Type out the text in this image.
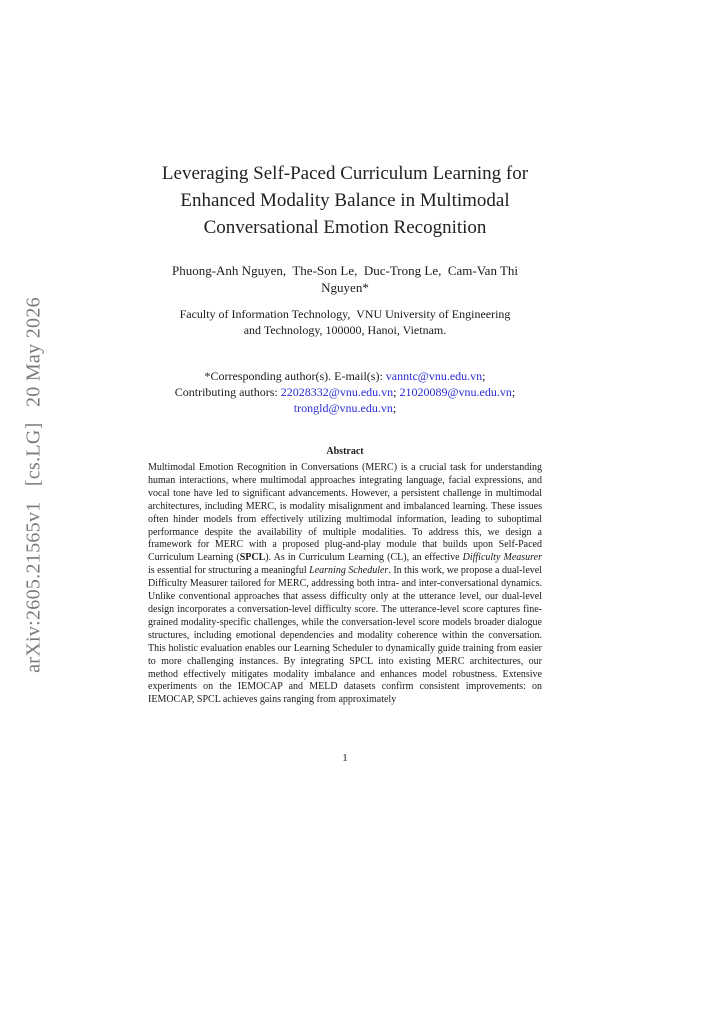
arXiv:2605.21565v1 [cs.LG] 20 May 2026
Leveraging Self-Paced Curriculum Learning for
Enhanced Modality Balance in Multimodal
Conversational Emotion Recognition
Phuong-Anh Nguyen,  The-Son Le,  Duc-Trong Le,  Cam-Van Thi
Nguyen*
Faculty of Information Technology,  VNU University of Engineering
and Technology, 100000, Hanoi, Vietnam.
*Corresponding author(s). E-mail(s): vanntc@vnu.edu.vn;
Contributing authors: 22028332@vnu.edu.vn; 21020089@vnu.edu.vn;
trongld@vnu.edu.vn;
Abstract
Multimodal Emotion Recognition in Conversations (MERC) is a crucial task for understanding human interactions, where multimodal approaches integrating language, facial expressions, and vocal tone have led to significant advancements. However, a persistent challenge in multimodal architectures, including MERC, is modality misalignment and imbalanced learning. These issues often hinder models from effectively utilizing multimodal information, leading to suboptimal performance despite the availability of multiple modalities. To address this, we design a framework for MERC with a proposed plug-and-play module that builds upon Self-Paced Curriculum Learning (SPCL). As in Curriculum Learning (CL), an effective Difficulty Measurer is essential for structuring a meaningful Learning Scheduler. In this work, we propose a dual-level Difficulty Measurer tailored for MERC, addressing both intra- and inter-conversational dynamics. Unlike conventional approaches that assess difficulty only at the utterance level, our dual-level design incorporates a conversation-level difficulty score. The utterance-level score captures fine-grained modality-specific challenges, while the conversation-level score models broader dialogue structures, including emotional dependencies and modality coherence within the conversation. This holistic evaluation enables our Learning Scheduler to dynamically guide training from easier to more challenging instances. By integrating SPCL into existing MERC architectures, our method effectively mitigates modality imbalance and enhances model robustness. Extensive experiments on the IEMOCAP and MELD datasets confirm consistent improvements: on IEMOCAP, SPCL achieves gains ranging from approximately
1
